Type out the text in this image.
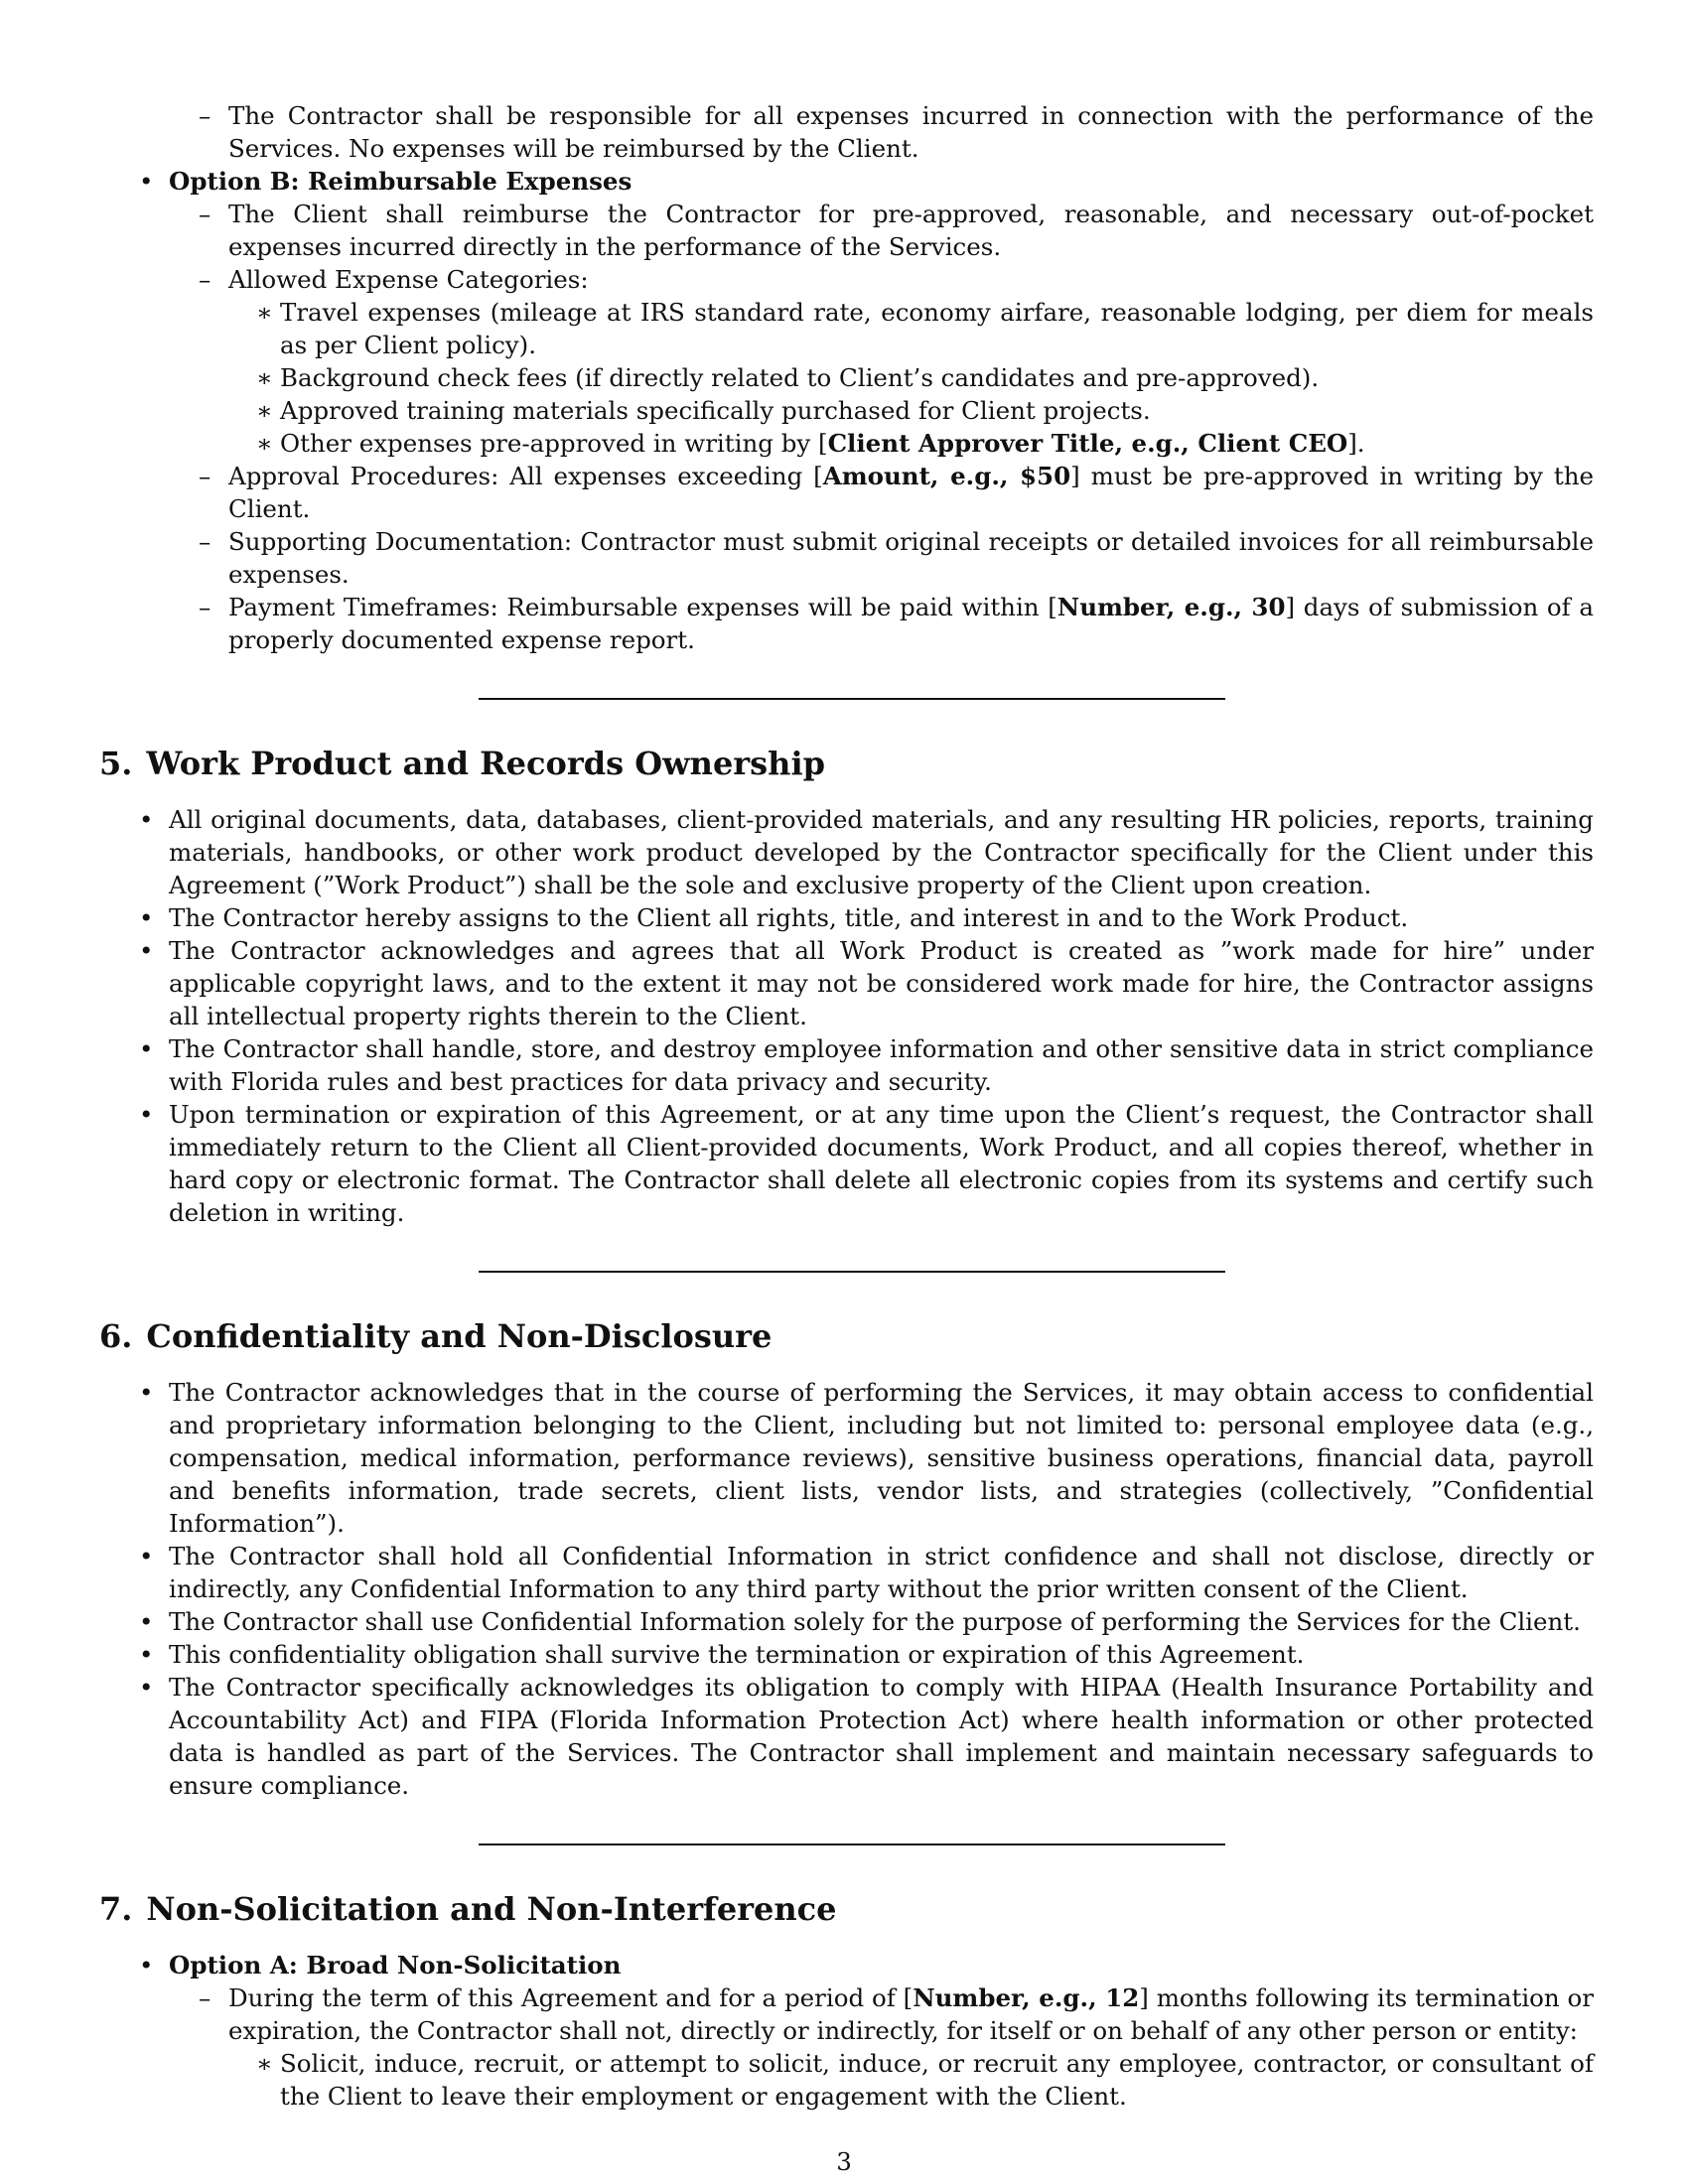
– The Contractor shall be responsible for all expenses incurred in connection with the performance of the Services. No expenses will be reimbursed by the Client.
• Option B: Reimbursable Expenses
– The Client shall reimburse the Contractor for pre-approved, reasonable, and necessary out-of-pocket expenses incurred directly in the performance of the Services.
– Allowed Expense Categories:
∗ Travel expenses (mileage at IRS standard rate, economy airfare, reasonable lodging, per diem for meals as per Client policy).
∗ Background check fees (if directly related to Client’s candidates and pre-approved).
∗ Approved training materials specifically purchased for Client projects.
∗ Other expenses pre-approved in writing by [Client Approver Title, e.g., Client CEO].
– Approval Procedures: All expenses exceeding [Amount, e.g., $50] must be pre-approved in writing by the Client.
– Supporting Documentation: Contractor must submit original receipts or detailed invoices for all reimbursable expenses.
– Payment Timeframes: Reimbursable expenses will be paid within [Number, e.g., 30] days of submission of a properly documented expense report.
5. Work Product and Records Ownership
• All original documents, data, databases, client-provided materials, and any resulting HR policies, reports, training materials, handbooks, or other work product developed by the Contractor specifically for the Client under this Agreement (”Work Product”) shall be the sole and exclusive property of the Client upon creation.
• The Contractor hereby assigns to the Client all rights, title, and interest in and to the Work Product.
• The Contractor acknowledges and agrees that all Work Product is created as ”work made for hire” under applicable copyright laws, and to the extent it may not be considered work made for hire, the Contractor assigns all intellectual property rights therein to the Client.
• The Contractor shall handle, store, and destroy employee information and other sensitive data in strict compliance with Florida rules and best practices for data privacy and security.
• Upon termination or expiration of this Agreement, or at any time upon the Client’s request, the Contractor shall immediately return to the Client all Client-provided documents, Work Product, and all copies thereof, whether in hard copy or electronic format. The Contractor shall delete all electronic copies from its systems and certify such deletion in writing.
6. Confidentiality and Non-Disclosure
• The Contractor acknowledges that in the course of performing the Services, it may obtain access to confidential and proprietary information belonging to the Client, including but not limited to: personal employee data (e.g., compensation, medical information, performance reviews), sensitive business operations, financial data, payroll and benefits information, trade secrets, client lists, vendor lists, and strategies (collectively, ”Confidential Information”).
• The Contractor shall hold all Confidential Information in strict confidence and shall not disclose, directly or indirectly, any Confidential Information to any third party without the prior written consent of the Client.
• The Contractor shall use Confidential Information solely for the purpose of performing the Services for the Client.
• This confidentiality obligation shall survive the termination or expiration of this Agreement.
• The Contractor specifically acknowledges its obligation to comply with HIPAA (Health Insurance Portability and Accountability Act) and FIPA (Florida Information Protection Act) where health information or other protected data is handled as part of the Services. The Contractor shall implement and maintain necessary safeguards to ensure compliance.
7. Non-Solicitation and Non-Interference
• Option A: Broad Non-Solicitation
– During the term of this Agreement and for a period of [Number, e.g., 12] months following its termination or expiration, the Contractor shall not, directly or indirectly, for itself or on behalf of any other person or entity:
∗ Solicit, induce, recruit, or attempt to solicit, induce, or recruit any employee, contractor, or consultant of the Client to leave their employment or engagement with the Client.
3
